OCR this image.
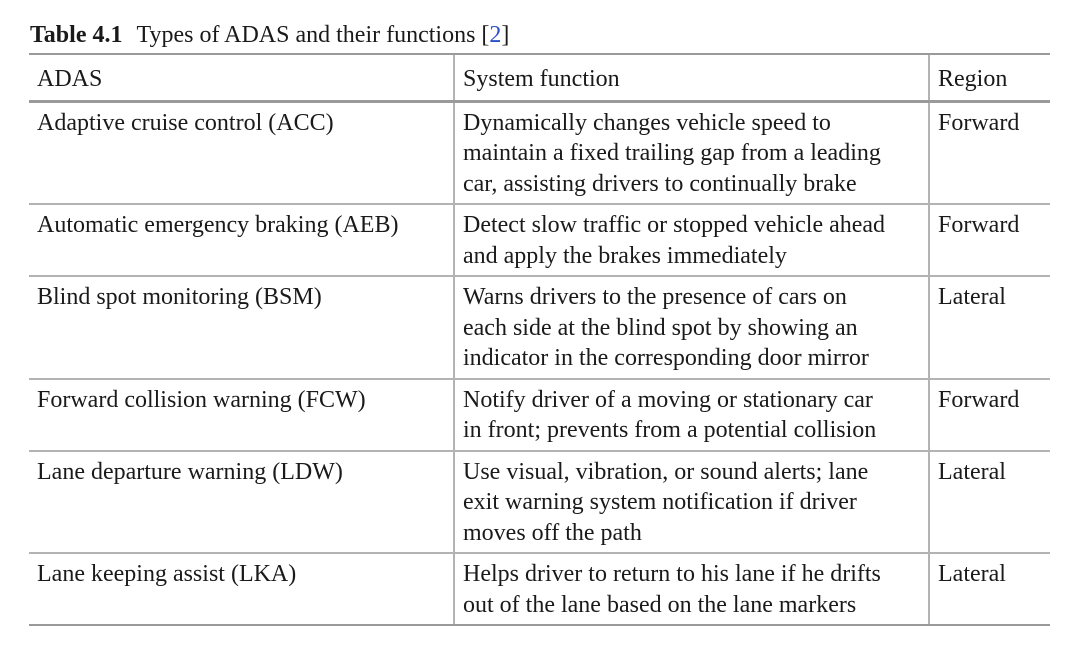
Table 4.1 Types of ADAS and their functions [2]
ADAS	System function	Region
Adaptive cruise control (ACC)	Dynamically changes vehicle speed to
maintain a fixed trailing gap from a leading
car, assisting drivers to continually brake	Forward
Automatic emergency braking (AEB)	Detect slow traffic or stopped vehicle ahead
and apply the brakes immediately	Forward
Blind spot monitoring (BSM)	Warns drivers to the presence of cars on
each side at the blind spot by showing an
indicator in the corresponding door mirror	Lateral
Forward collision warning (FCW)	Notify driver of a moving or stationary car
in front; prevents from a potential collision	Forward
Lane departure warning (LDW)	Use visual, vibration, or sound alerts; lane
exit warning system notification if driver
moves off the path	Lateral
Lane keeping assist (LKA)	Helps driver to return to his lane if he drifts
out of the lane based on the lane markers	Lateral
